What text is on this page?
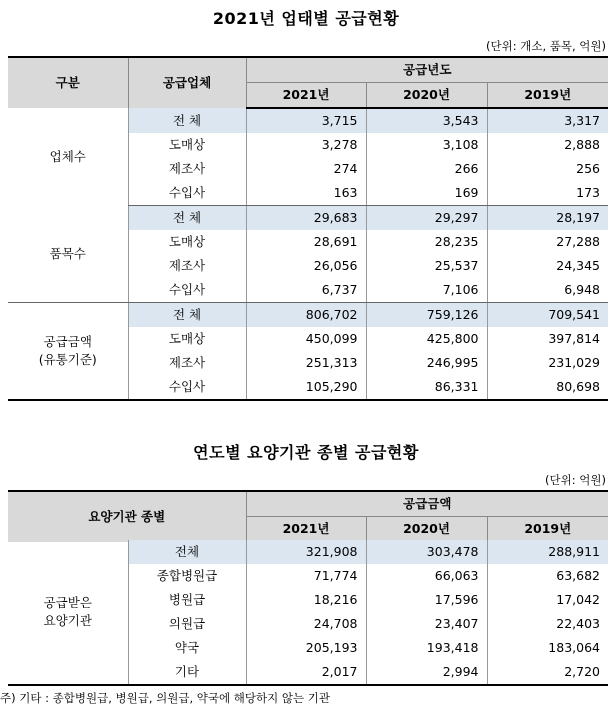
2021년 업태별 공급현황
(단위: 개소, 품목, 억원)
구분	공급업체	공급년도		
		2021년	2020년	2019년
업체수	전 체	3,715	3,543	3,317
	도매상	3,278	3,108	2,888
	제조사	274	266	256
	수입사	163	169	173
품목수	전 체	29,683	29,297	28,197
	도매상	28,691	28,235	27,288
	제조사	26,056	25,537	24,345
	수입사	6,737	7,106	6,948
공급금액
(유통기준)	전 체	806,702	759,126	709,541
	도매상	450,099	425,800	397,814
	제조사	251,313	246,995	231,029
	수입사	105,290	86,331	80,698
연도별 요양기관 종별 공급현황
(단위: 억원)
요양기관 종별	공급금액		
	2021년	2020년	2019년
공급받은
요양기관	전체	321,908	303,478	288,911
	종합병원급	71,774	66,063	63,682
	병원급	18,216	17,596	17,042
	의원급	24,708	23,407	22,403
	약국	205,193	193,418	183,064
	기타	2,017	2,994	2,720
주) 기타 : 종합병원급, 병원급, 의원급, 약국에 해당하지 않는 기관
